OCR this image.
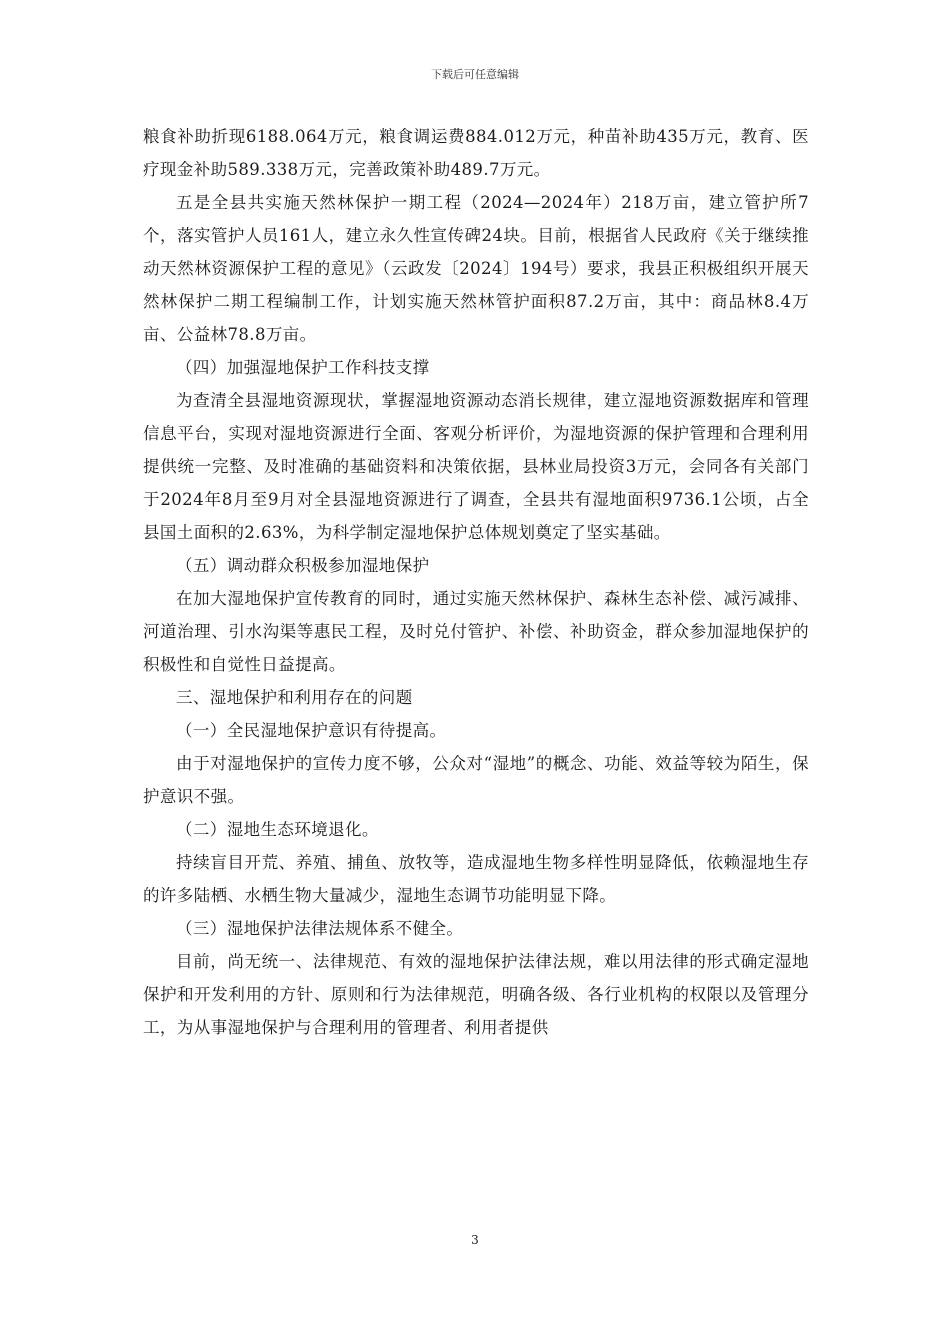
下载后可任意编辑

粮食补助折现6188.064万元，粮食调运费884.012万元，种苗补助435万元，教育、医疗现金补助589.338万元，完善政策补助489.7万元。

五是全县共实施天然林保护一期工程（2024—2024年）218万亩，建立管护所7个，落实管护人员161人，建立永久性宣传碑24块。目前，根据省人民政府《关于继续推动天然林资源保护工程的意见》（云政发〔2024〕194号）要求，我县正积极组织开展天然林保护二期工程编制工作，计划实施天然林管护面积87.2万亩，其中：商品林8.4万亩、公益林78.8万亩。

（四）加强湿地保护工作科技支撑

为查清全县湿地资源现状，掌握湿地资源动态消长规律，建立湿地资源数据库和管理信息平台，实现对湿地资源进行全面、客观分析评价，为湿地资源的保护管理和合理利用提供统一完整、及时准确的基础资料和决策依据，县林业局投资3万元，会同各有关部门于2024年8月至9月对全县湿地资源进行了调查，全县共有湿地面积9736.1公顷，占全县国土面积的2.63%，为科学制定湿地保护总体规划奠定了坚实基础。

（五）调动群众积极参加湿地保护

在加大湿地保护宣传教育的同时，通过实施天然林保护、森林生态补偿、减污减排、河道治理、引水沟渠等惠民工程，及时兑付管护、补偿、补助资金，群众参加湿地保护的积极性和自觉性日益提高。

三、湿地保护和利用存在的问题

（一）全民湿地保护意识有待提高。

由于对湿地保护的宣传力度不够，公众对“湿地”的概念、功能、效益等较为陌生，保护意识不强。

（二）湿地生态环境退化。

持续盲目开荒、养殖、捕鱼、放牧等，造成湿地生物多样性明显降低，依赖湿地生存的许多陆栖、水栖生物大量减少，湿地生态调节功能明显下降。

（三）湿地保护法律法规体系不健全。

目前，尚无统一、法律规范、有效的湿地保护法律法规，难以用法律的形式确定湿地保护和开发利用的方针、原则和行为法律规范，明确各级、各行业机构的权限以及管理分工，为从事湿地保护与合理利用的管理者、利用者提供

3
